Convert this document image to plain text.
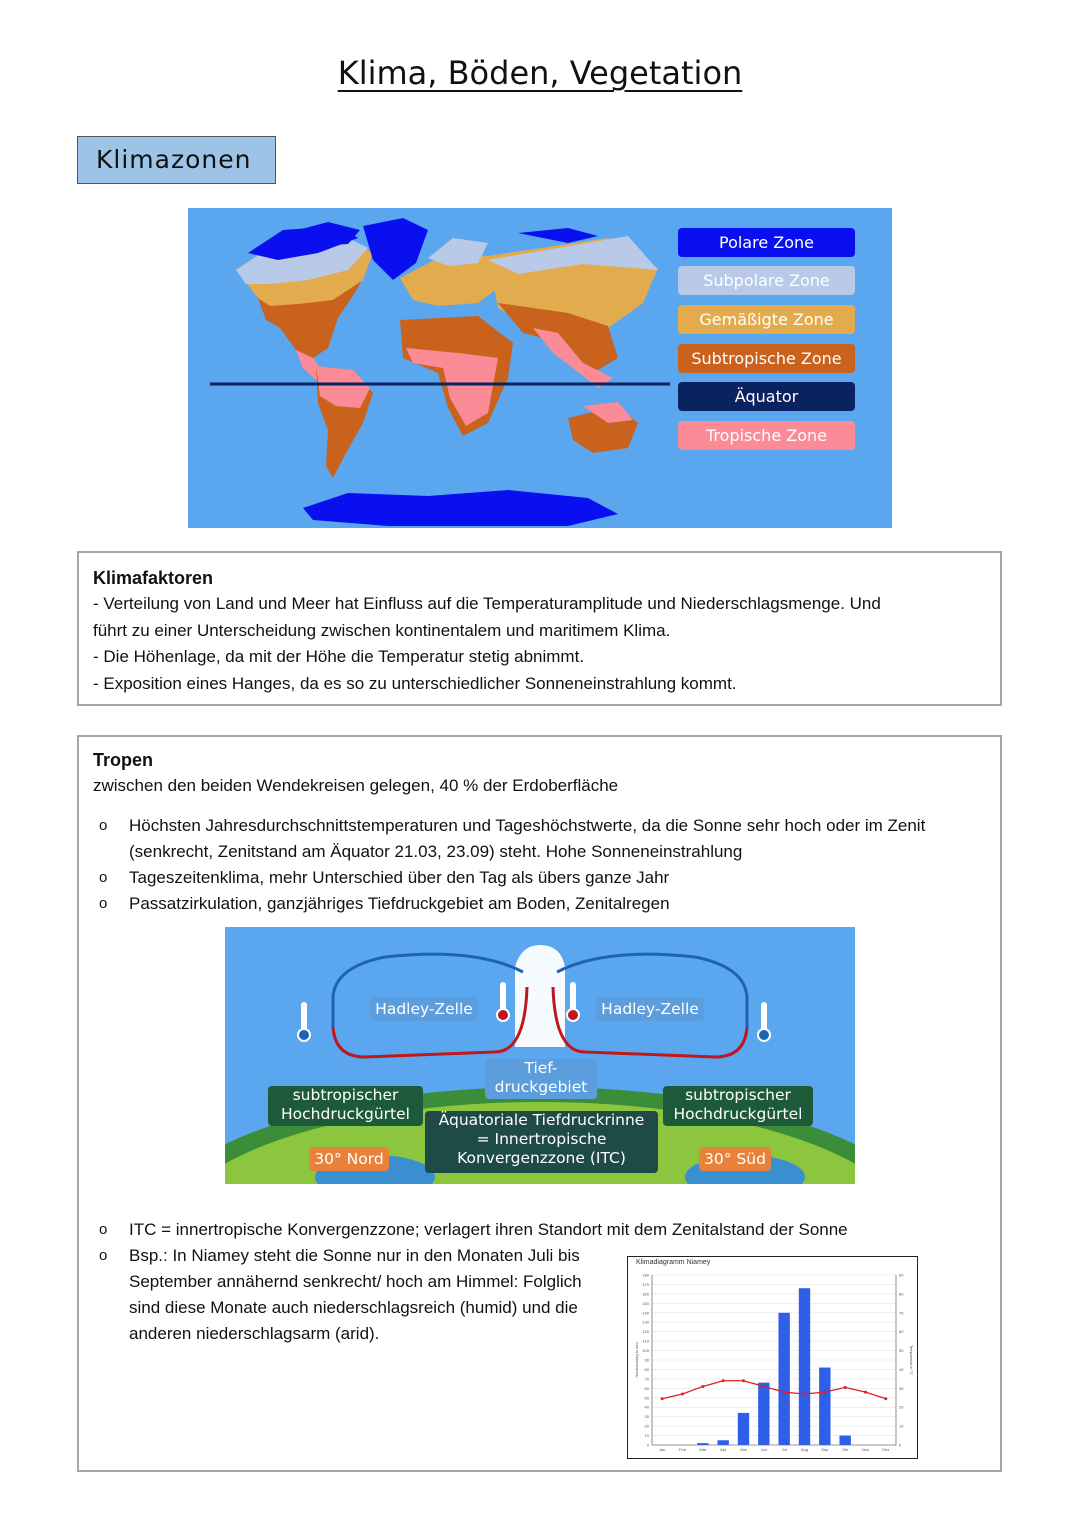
Klima, Böden, Vegetation
Klimazonen
Polare Zone
Subpolare Zone
Gemäßigte Zone
Subtropische Zone
Äquator
Tropische Zone
Klimafaktoren
- Verteilung von Land und Meer hat Einfluss auf die Temperaturamplitude und Niederschlagsmenge. Und
führt zu einer Unterscheidung zwischen kontinentalem und maritimem Klima.
- Die Höhenlage, da mit der Höhe die Temperatur stetig abnimmt.
- Exposition eines Hanges, da es so zu unterschiedlicher Sonneneinstrahlung kommt.
Tropen
zwischen den beiden Wendekreisen gelegen, 40 % der Erdoberfläche
o Höchsten Jahresdurchschnittstemperaturen und Tageshöchstwerte, da die Sonne sehr hoch oder im Zenit
(senkrecht, Zenitstand am Äquator 21.03, 23.09) steht. Hohe Sonneneinstrahlung
o Tageszeitenklima, mehr Unterschied über den Tag als übers ganze Jahr
o Passatzirkulation, ganzjähriges Tiefdruckgebiet am Boden, Zenitalregen
o ITC = innertropische Konvergenzzone; verlagert ihren Standort mit dem Zenitalstand der Sonne
o Bsp.: In Niamey steht die Sonne nur in den Monaten Juli bis
September annähernd senkrecht/ hoch am Himmel: Folglich
sind diese Monate auch niederschlagsreich (humid) und die
anderen niederschlagsarm (arid).
Hadley-Zelle	Hadley-Zelle
Tief-
druckgebiet
subtropischer
Hochdruckgürtel
subtropischer
Hochdruckgürtel
Äquatoriale Tiefdruckrinne
= Innertropische
Konvergenzzone (ITC)
30° Nord	30° Süd
Klimadiagramm Niamey
0
10
20
30
40
50
60
70
80
90
100
110
120
130
140
150
160
170
180
0
10
20
30
40
50
60
70
80
90
Niederschlag in mm	Temperatur in °C
Jan	Feb	Mär	Apr	Mai	Jun	Jul	Aug	Sep	Okt	Nov	Dez
